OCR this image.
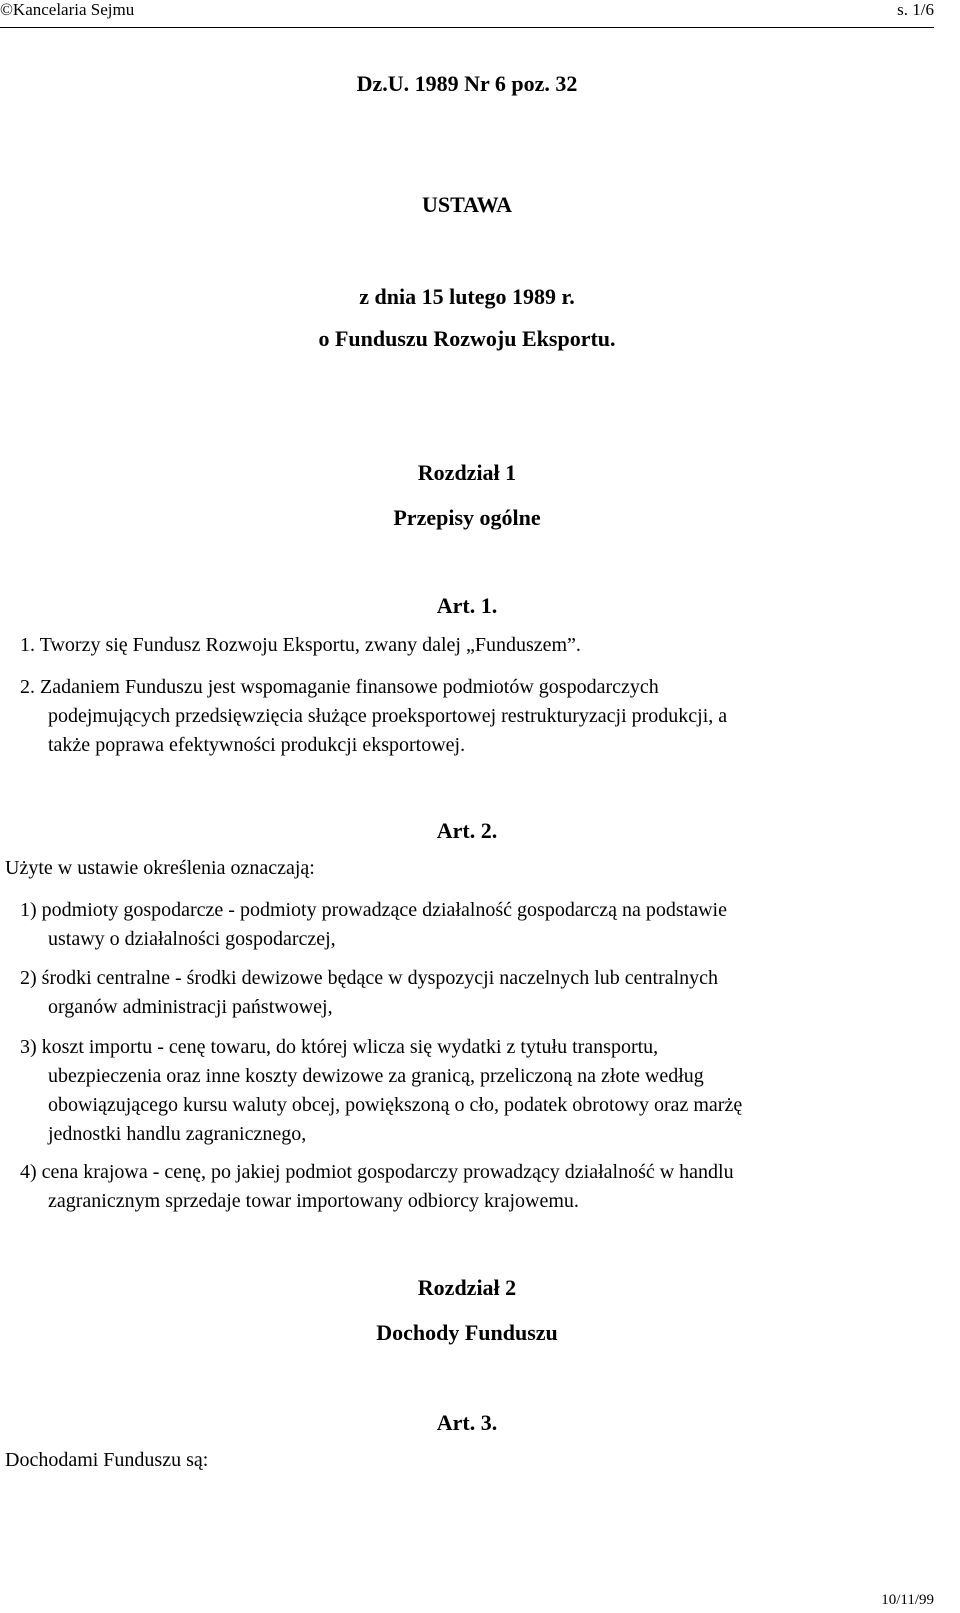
©Kancelaria Sejmu	s. 1/6
Dz.U. 1989 Nr 6 poz. 32
USTAWA
z dnia 15 lutego 1989 r.
o Funduszu Rozwoju Eksportu.
Rozdział 1
Przepisy ogólne
Art. 1.
1. Tworzy się Fundusz Rozwoju Eksportu, zwany dalej „Funduszem”.
2. Zadaniem Funduszu jest wspomaganie finansowe podmiotów gospodarczych
podejmujących przedsięwzięcia służące proeksportowej restrukturyzacji produkcji, a
także poprawa efektywności produkcji eksportowej.
Art. 2.
Użyte w ustawie określenia oznaczają:
1) podmioty gospodarcze - podmioty prowadzące działalność gospodarczą na podstawie
ustawy o działalności gospodarczej,
2) środki centralne - środki dewizowe będące w dyspozycji naczelnych lub centralnych
organów administracji państwowej,
3) koszt importu - cenę towaru, do której wlicza się wydatki z tytułu transportu,
ubezpieczenia oraz inne koszty dewizowe za granicą, przeliczoną na złote według
obowiązującego kursu waluty obcej, powiększoną o cło, podatek obrotowy oraz marżę
jednostki handlu zagranicznego,
4) cena krajowa - cenę, po jakiej podmiot gospodarczy prowadzący działalność w handlu
zagranicznym sprzedaje towar importowany odbiorcy krajowemu.
Rozdział 2
Dochody Funduszu
Art. 3.
Dochodami Funduszu są:
10/11/99
